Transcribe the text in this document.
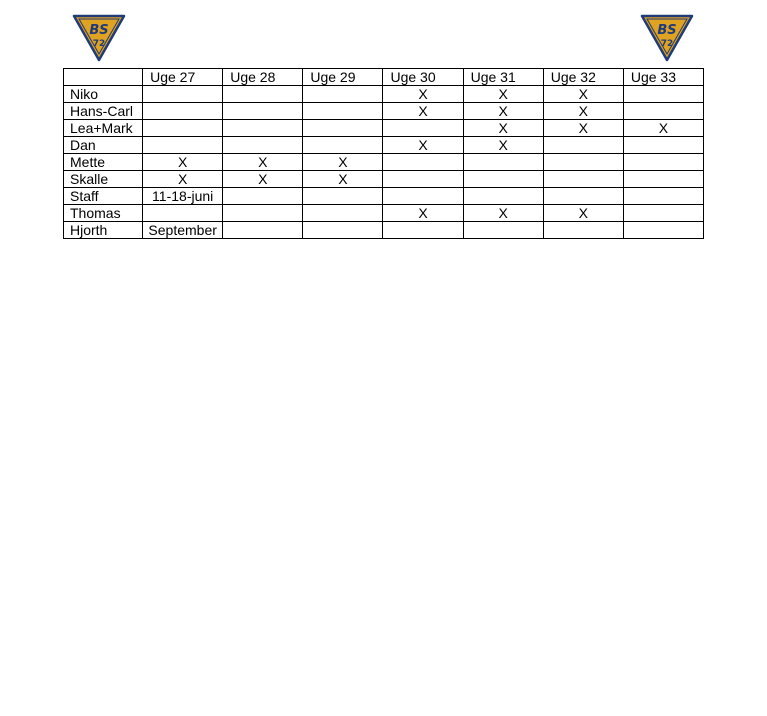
BS
72
BS
72
	Uge 27	Uge 28	Uge 29	Uge 30	Uge 31	Uge 32	Uge 33
Niko				X	X	X	
Hans-Carl				X	X	X	
Lea+Mark					X	X	X
Dan				X	X		
Mette	X	X	X				
Skalle	X	X	X				
Staff	11-18-juni						
Thomas				X	X	X	
Hjorth	September						
